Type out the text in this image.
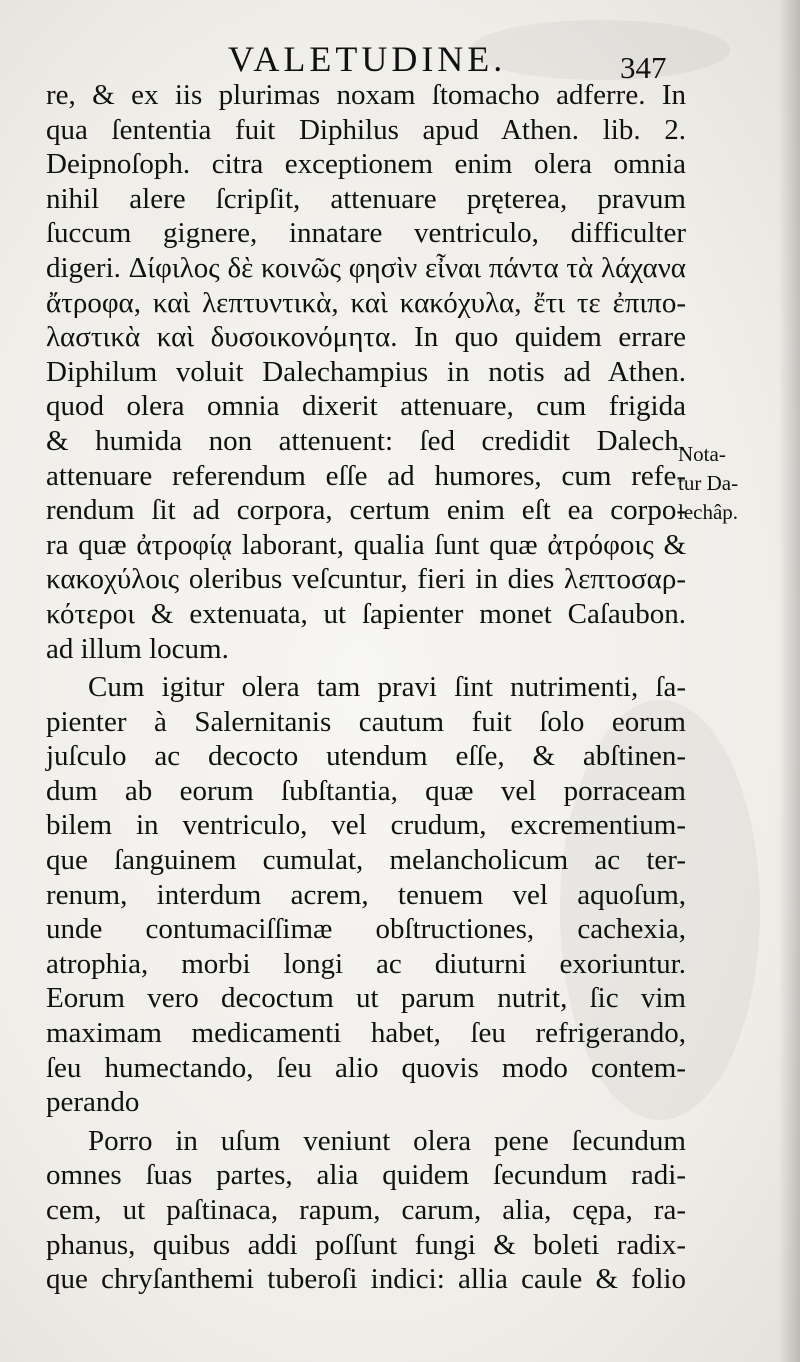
VALETUDINE.	347
re, & ex iis plurimas noxam ſtomacho adferre. In
qua ſententia fuit Diphilus apud Athen. lib. 2.
Deipnoſoph. citra exceptionem enim olera omnia
nihil alere ſcripſit, attenuare pręterea, pravum
ſuccum gignere, innatare ventriculo, difficulter
digeri. Δίφιλος δὲ κοινῶς φησὶν εἶναι πάντα τὰ λάχανα
ἄτροφα, καὶ λεπτυντικὰ, καὶ κακόχυλα, ἔτι τε ἐπιπο-
λαστικὰ καὶ δυσοικονόμητα. In quo quidem errare
Diphilum voluit Dalechampius in notis ad Athen.
quod olera omnia dixerit attenuare, cum frigida
& humida non attenuent: ſed credidit Dalech.
attenuare referendum eſſe ad humores, cum refe-
rendum ſit ad corpora, certum enim eſt ea corpo-
ra quæ ἀτροφίᾳ laborant, qualia ſunt quæ ἀτρόφοις &
κακοχύλοις oleribus veſcuntur, fieri in dies λεπτοσαρ-
κότεροι & extenuata, ut ſapienter monet Caſaubon.
ad illum locum.
Cum igitur olera tam pravi ſint nutrimenti, ſa-
pienter à Salernitanis cautum fuit ſolo eorum
juſculo ac decocto utendum eſſe, & abſtinen-
dum ab eorum ſubſtantia, quæ vel porraceam
bilem in ventriculo, vel crudum, excrementium-
que ſanguinem cumulat, melancholicum ac ter-
renum, interdum acrem, tenuem vel aquoſum,
unde contumaciſſimæ obſtructiones, cachexia,
atrophia, morbi longi ac diuturni exoriuntur.
Eorum vero decoctum ut parum nutrit, ſic vim
maximam medicamenti habet, ſeu refrigerando,
ſeu humectando, ſeu alio quovis modo contem-
perando
Porro in uſum veniunt olera pene ſecundum
omnes ſuas partes, alia quidem ſecundum radi-
cem, ut paſtinaca, rapum, carum, alia, cępa, ra-
phanus, quibus addi poſſunt fungi & boleti radix-
que chryſanthemi tuberoſi indici: allia caule & folio
Nota-
tur Da-
lechâp.
